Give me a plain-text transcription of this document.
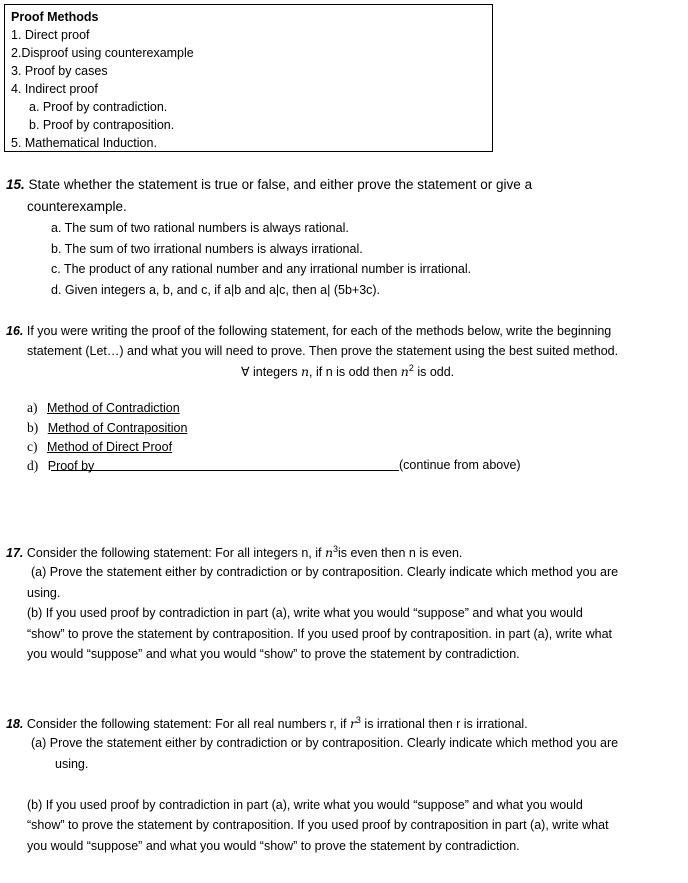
Proof Methods
1. Direct proof
2.Disproof using counterexample
3. Proof by cases
4. Indirect proof
a. Proof by contradiction.
b. Proof by contraposition.
5. Mathematical Induction.
15. State whether the statement is true or false, and either prove the statement or give a
counterexample.
a. The sum of two rational numbers is always rational.
b. The sum of two irrational numbers is always irrational.
c. The product of any rational number and any irrational number is irrational.
d. Given integers a, b, and c, if a|b and a|c, then a| (5b+3c).
16. If you were writing the proof of the following statement, for each of the methods below, write the beginning
statement (Let…) and what you will need to prove. Then prove the statement using the best suited method.
∀ integers n, if n is odd then $n^2$ is odd.
a) Method of Contradiction
b) Method of Contraposition
c) Method of Direct Proof
d) Proof by	(continue from above)
17. Consider the following statement: For all integers n, if $n^3is$ even then n is even.
(a) Prove the statement either by contradiction or by contraposition. Clearly indicate which method you are
using.
(b) If you used proof by contradiction in part (a), write what you would “suppose” and what you would
“show” to prove the statement by contraposition. If you used proof by contraposition. in part (a), write what
you would “suppose” and what you would “show” to prove the statement by contradiction.
18. Consider the following statement: For all real numbers r, if $r^3$ is irrational then r is irrational.
(a) Prove the statement either by contradiction or by contraposition. Clearly indicate which method you are
using.
(b) If you used proof by contradiction in part (a), write what you would “suppose” and what you would
“show” to prove the statement by contraposition. If you used proof by contraposition in part (a), write what
you would “suppose” and what you would “show” to prove the statement by contradiction.
